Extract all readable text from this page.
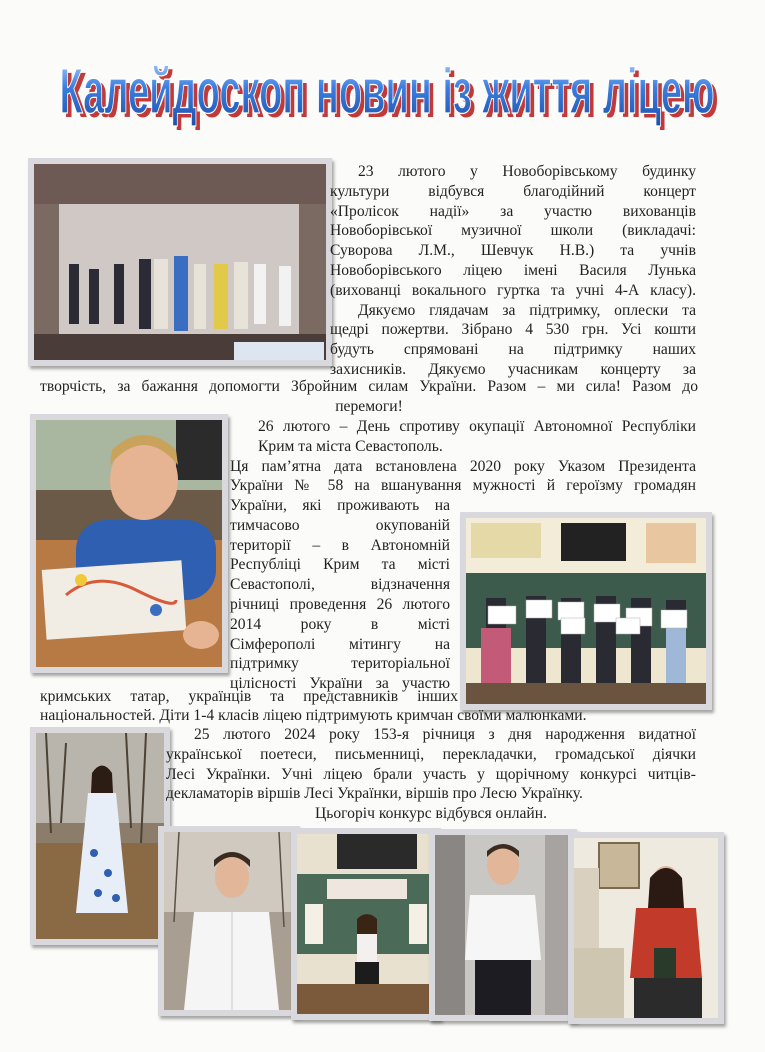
Калейдоскоп новин із життя ліцею
Калейдоскоп новин із життя ліцею
23 лютого у Новоборівському будинку
культури відбувся благодійний концерт
«Пролісок надії» за участю вихованців
Новоборівської музичної школи (викладачі:
Суворова Л.М., Шевчук Н.В.) та учнів
Новоборівського ліцею імені Василя Лунька
(вихованці вокального гуртка та учні 4-А класу).
Дякуємо глядачам за підтримку, оплески та
щедрі пожертви. Зібрано 4 530 грн. Усі кошти
будуть спрямовані на підтримку наших
захисників. Дякуємо учасникам концерту за
творчість, за бажання допомогти Збройним силам України. Разом – ми сила! Разом до
перемоги!
26 лютого – День спротиву окупації Автономної Республіки
Крим та міста Севастополь.
Ця пам’ятна дата встановлена 2020 року Указом Президента
України № 58 на вшанування мужності й героїзму громадян
України, які проживають на
тимчасово окупованій
території – в Автономній
Республіці Крим та місті
Севастополі, відзначення
річниці проведення 26 лютого
2014 року в місті
Сімферополі мітингу на
підтримку територіальної
цілісності України за участю
кримських татар, українців та представників інших
національностей. Діти 1-4 класів ліцею підтримують кримчан своїми малюнками.
25 лютого 2024 року 153-я річниця з дня народження видатної
української поетеси, письменниці, перекладачки, громадської діячки
Лесі Українки. Учні ліцею брали участь у щорічному конкурсі читців-
декламаторів віршів Лесі Українки, віршів про Лесю Українку.
Цьогоріч конкурс відбувся онлайн.
